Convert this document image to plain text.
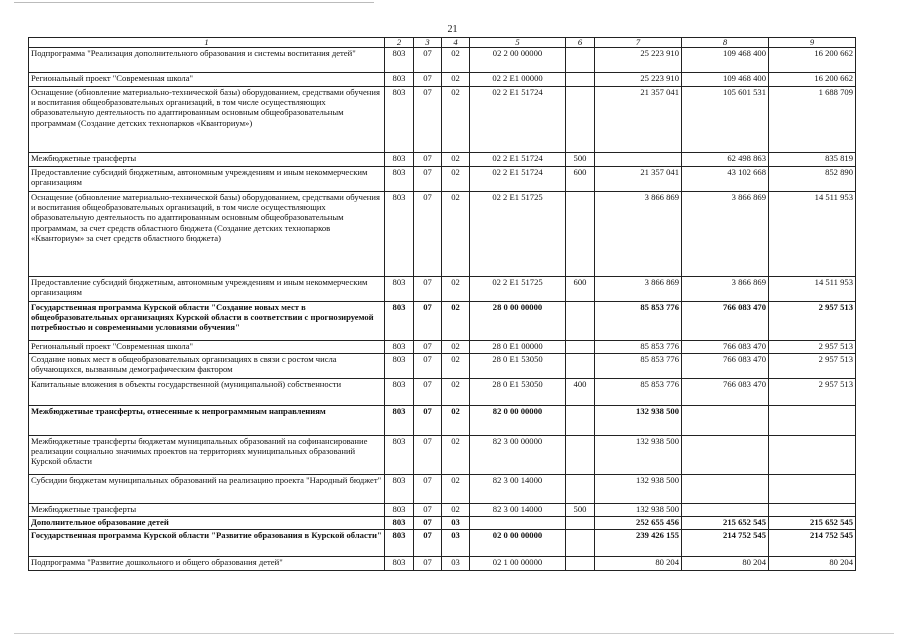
21
1	2	3	4	5	6	7	8	9
Подпрограмма "Реализация дополнительного образования и системы воспитания детей"	803	07	02	02 2 00 00000		25 223 910	109 468 400	16 200 662
Региональный проект "Современная школа"	803	07	02	02 2 E1 00000		25 223 910	109 468 400	16 200 662
Оснащение (обновление материально-технической базы) оборудованием, средствами обучения и воспитания общеобразовательных организаций, в том числе осуществляющих образовательную деятельность по адаптированным основным общеобразовательным программам (Создание детских технопарков «Кванториум»)	803	07	02	02 2 E1 51724		21 357 041	105 601 531	1 688 709
Межбюджетные трансферты	803	07	02	02 2 E1 51724	500		62 498 863	835 819
Предоставление субсидий бюджетным, автономным учреждениям и иным некоммерческим организациям	803	07	02	02 2 E1 51724	600	21 357 041	43 102 668	852 890
Оснащение (обновление материально-технической базы) оборудованием, средствами обучения и воспитания общеобразовательных организаций, в том числе осуществляющих образовательную деятельность по адаптированным основным общеобразовательным программам, за счет средств областного бюджета (Создание детских технопарков «Кванториум» за счет средств областного бюджета)	803	07	02	02 2 E1 51725		3 866 869	3 866 869	14 511 953
Предоставление субсидий бюджетным, автономным учреждениям и иным некоммерческим организациям	803	07	02	02 2 E1 51725	600	3 866 869	3 866 869	14 511 953
Государственная программа Курской области "Создание новых мест в общеобразовательных организациях Курской области в соответствии с прогнозируемой потребностью и современными условиями обучения"	803	07	02	28 0 00 00000		85 853 776	766 083 470	2 957 513
Региональный проект "Современная школа"	803	07	02	28 0 E1 00000		85 853 776	766 083 470	2 957 513
Создание новых мест в общеобразовательных организациях в связи с ростом числа обучающихся, вызванным демографическим фактором	803	07	02	28 0 E1 53050		85 853 776	766 083 470	2 957 513
Капитальные вложения в объекты государственной (муниципальной) собственности	803	07	02	28 0 E1 53050	400	85 853 776	766 083 470	2 957 513
Межбюджетные трансферты, отнесенные к непрограммным направлениям	803	07	02	82 0 00 00000		132 938 500		
Межбюджетные трансферты бюджетам муниципальных образований на софинансирование реализации социально значимых проектов на территориях муниципальных образований Курской области	803	07	02	82 3 00 00000		132 938 500		
Субсидии бюджетам муниципальных образований на реализацию проекта "Народный бюджет"	803	07	02	82 3 00 14000		132 938 500		
Межбюджетные трансферты	803	07	02	82 3 00 14000	500	132 938 500		
Дополнительное образование детей	803	07	03			252 655 456	215 652 545	215 652 545
Государственная программа Курской области "Развитие образования в Курской области"	803	07	03	02 0 00 00000		239 426 155	214 752 545	214 752 545
Подпрограмма "Развитие дошкольного и общего образования детей"	803	07	03	02 1 00 00000		80 204	80 204	80 204
